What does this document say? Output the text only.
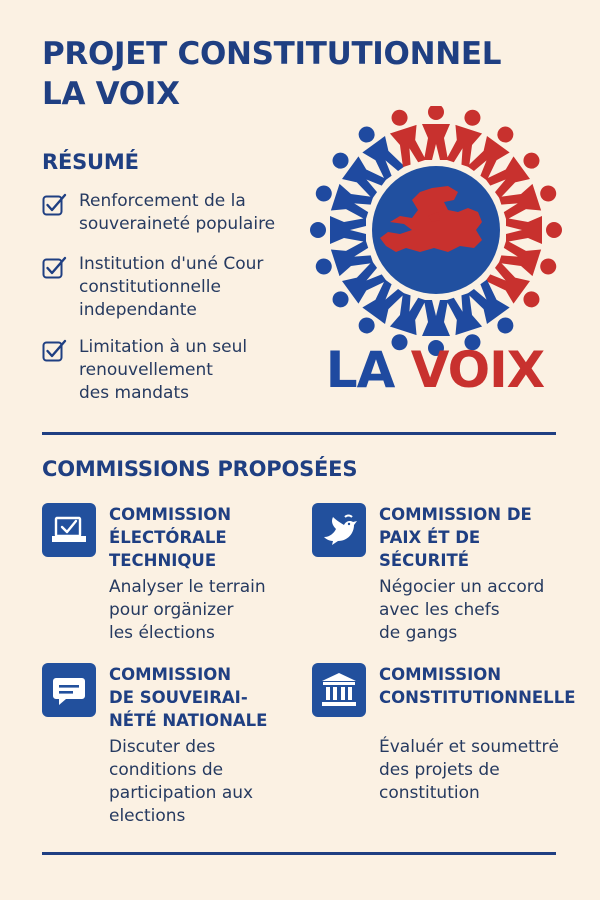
PROJET CONSTITUTIONNEL
LA VOIX
RÉSUMÉ
Renforcement de la
souveraineté populaire
Institution d'uné Cour
constitutionnelle
independante
Limitation à un seul
renouvellement
des mandats	LA VOIX
COMMISSIONS PROPOSÉES
COMMISSION
ÉLECTÓRALE
TECHNIQUE
Analyser le terrain
pour orgänizer
les élections
COMMISSION DE
PAIX ÉT DE
SÉCURITÉ
Négocier un accord
avec les chefs
de gangs
COMMISSION
DE SOUVEIRAI-
NÉTÉ NATIONALE
Discuter des
conditions de
participation aux
elections
COMMISSION
CONSTITUTIONNELLE
Évaluér et soumettrė
des projets de
constitution
